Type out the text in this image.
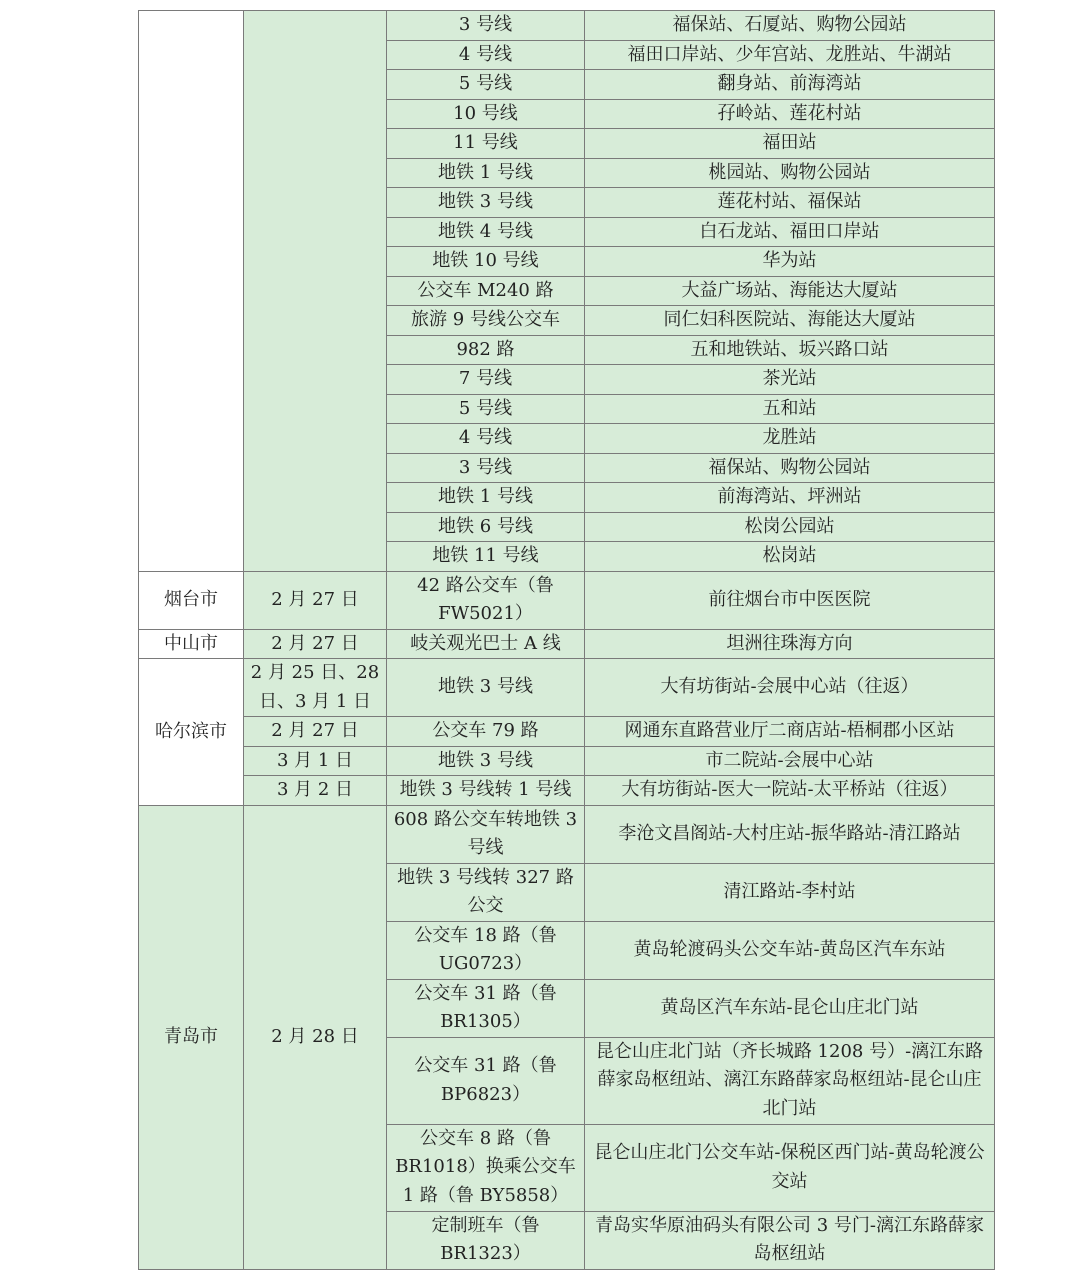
		3 号线	福保站、石厦站、购物公园站
		4 号线	福田口岸站、少年宫站、龙胜站、牛湖站
		5 号线	翻身站、前海湾站
		10 号线	孖岭站、莲花村站
		11 号线	福田站
		地铁 1 号线	桃园站、购物公园站
		地铁 3 号线	莲花村站、福保站
		地铁 4 号线	白石龙站、福田口岸站
		地铁 10 号线	华为站
		公交车 M240 路	大益广场站、海能达大厦站
		旅游 9 号线公交车	同仁妇科医院站、海能达大厦站
		982 路	五和地铁站、坂兴路口站
		7 号线	茶光站
		5 号线	五和站
		4 号线	龙胜站
		3 号线	福保站、购物公园站
		地铁 1 号线	前海湾站、坪洲站
		地铁 6 号线	松岗公园站
		地铁 11 号线	松岗站
烟台市	2 月 27 日	42 路公交车（鲁 FW5021）	前往烟台市中医医院
中山市	2 月 27 日	岐关观光巴士 A 线	坦洲往珠海方向
哈尔滨市	2 月 25 日、28 日、3 月 1 日	地铁 3 号线	大有坊街站-会展中心站（往返）
	2 月 27 日	公交车 79 路	网通东直路营业厅二商店站-梧桐郡小区站
	3 月 1 日	地铁 3 号线	市二院站-会展中心站
	3 月 2 日	地铁 3 号线转 1 号线	大有坊街站-医大一院站-太平桥站（往返）
青岛市	2 月 28 日	608 路公交车转地铁 3 号线	李沧文昌阁站-大村庄站-振华路站-清江路站
		地铁 3 号线转 327 路公交	清江路站-李村站
		公交车 18 路（鲁 UG0723）	黄岛轮渡码头公交车站-黄岛区汽车东站
		公交车 31 路（鲁 BR1305）	黄岛区汽车东站-昆仑山庄北门站
		公交车 31 路（鲁 BP6823）	昆仑山庄北门站（齐长城路 1208 号）-漓江东路薛家岛枢纽站、漓江东路薛家岛枢纽站-昆仑山庄北门站
		公交车 8 路（鲁 BR1018）换乘公交车 1 路（鲁 BY5858）	昆仑山庄北门公交车站-保税区西门站-黄岛轮渡公交站
		定制班车（鲁 BR1323）	青岛实华原油码头有限公司 3 号门-漓江东路薛家岛枢纽站
